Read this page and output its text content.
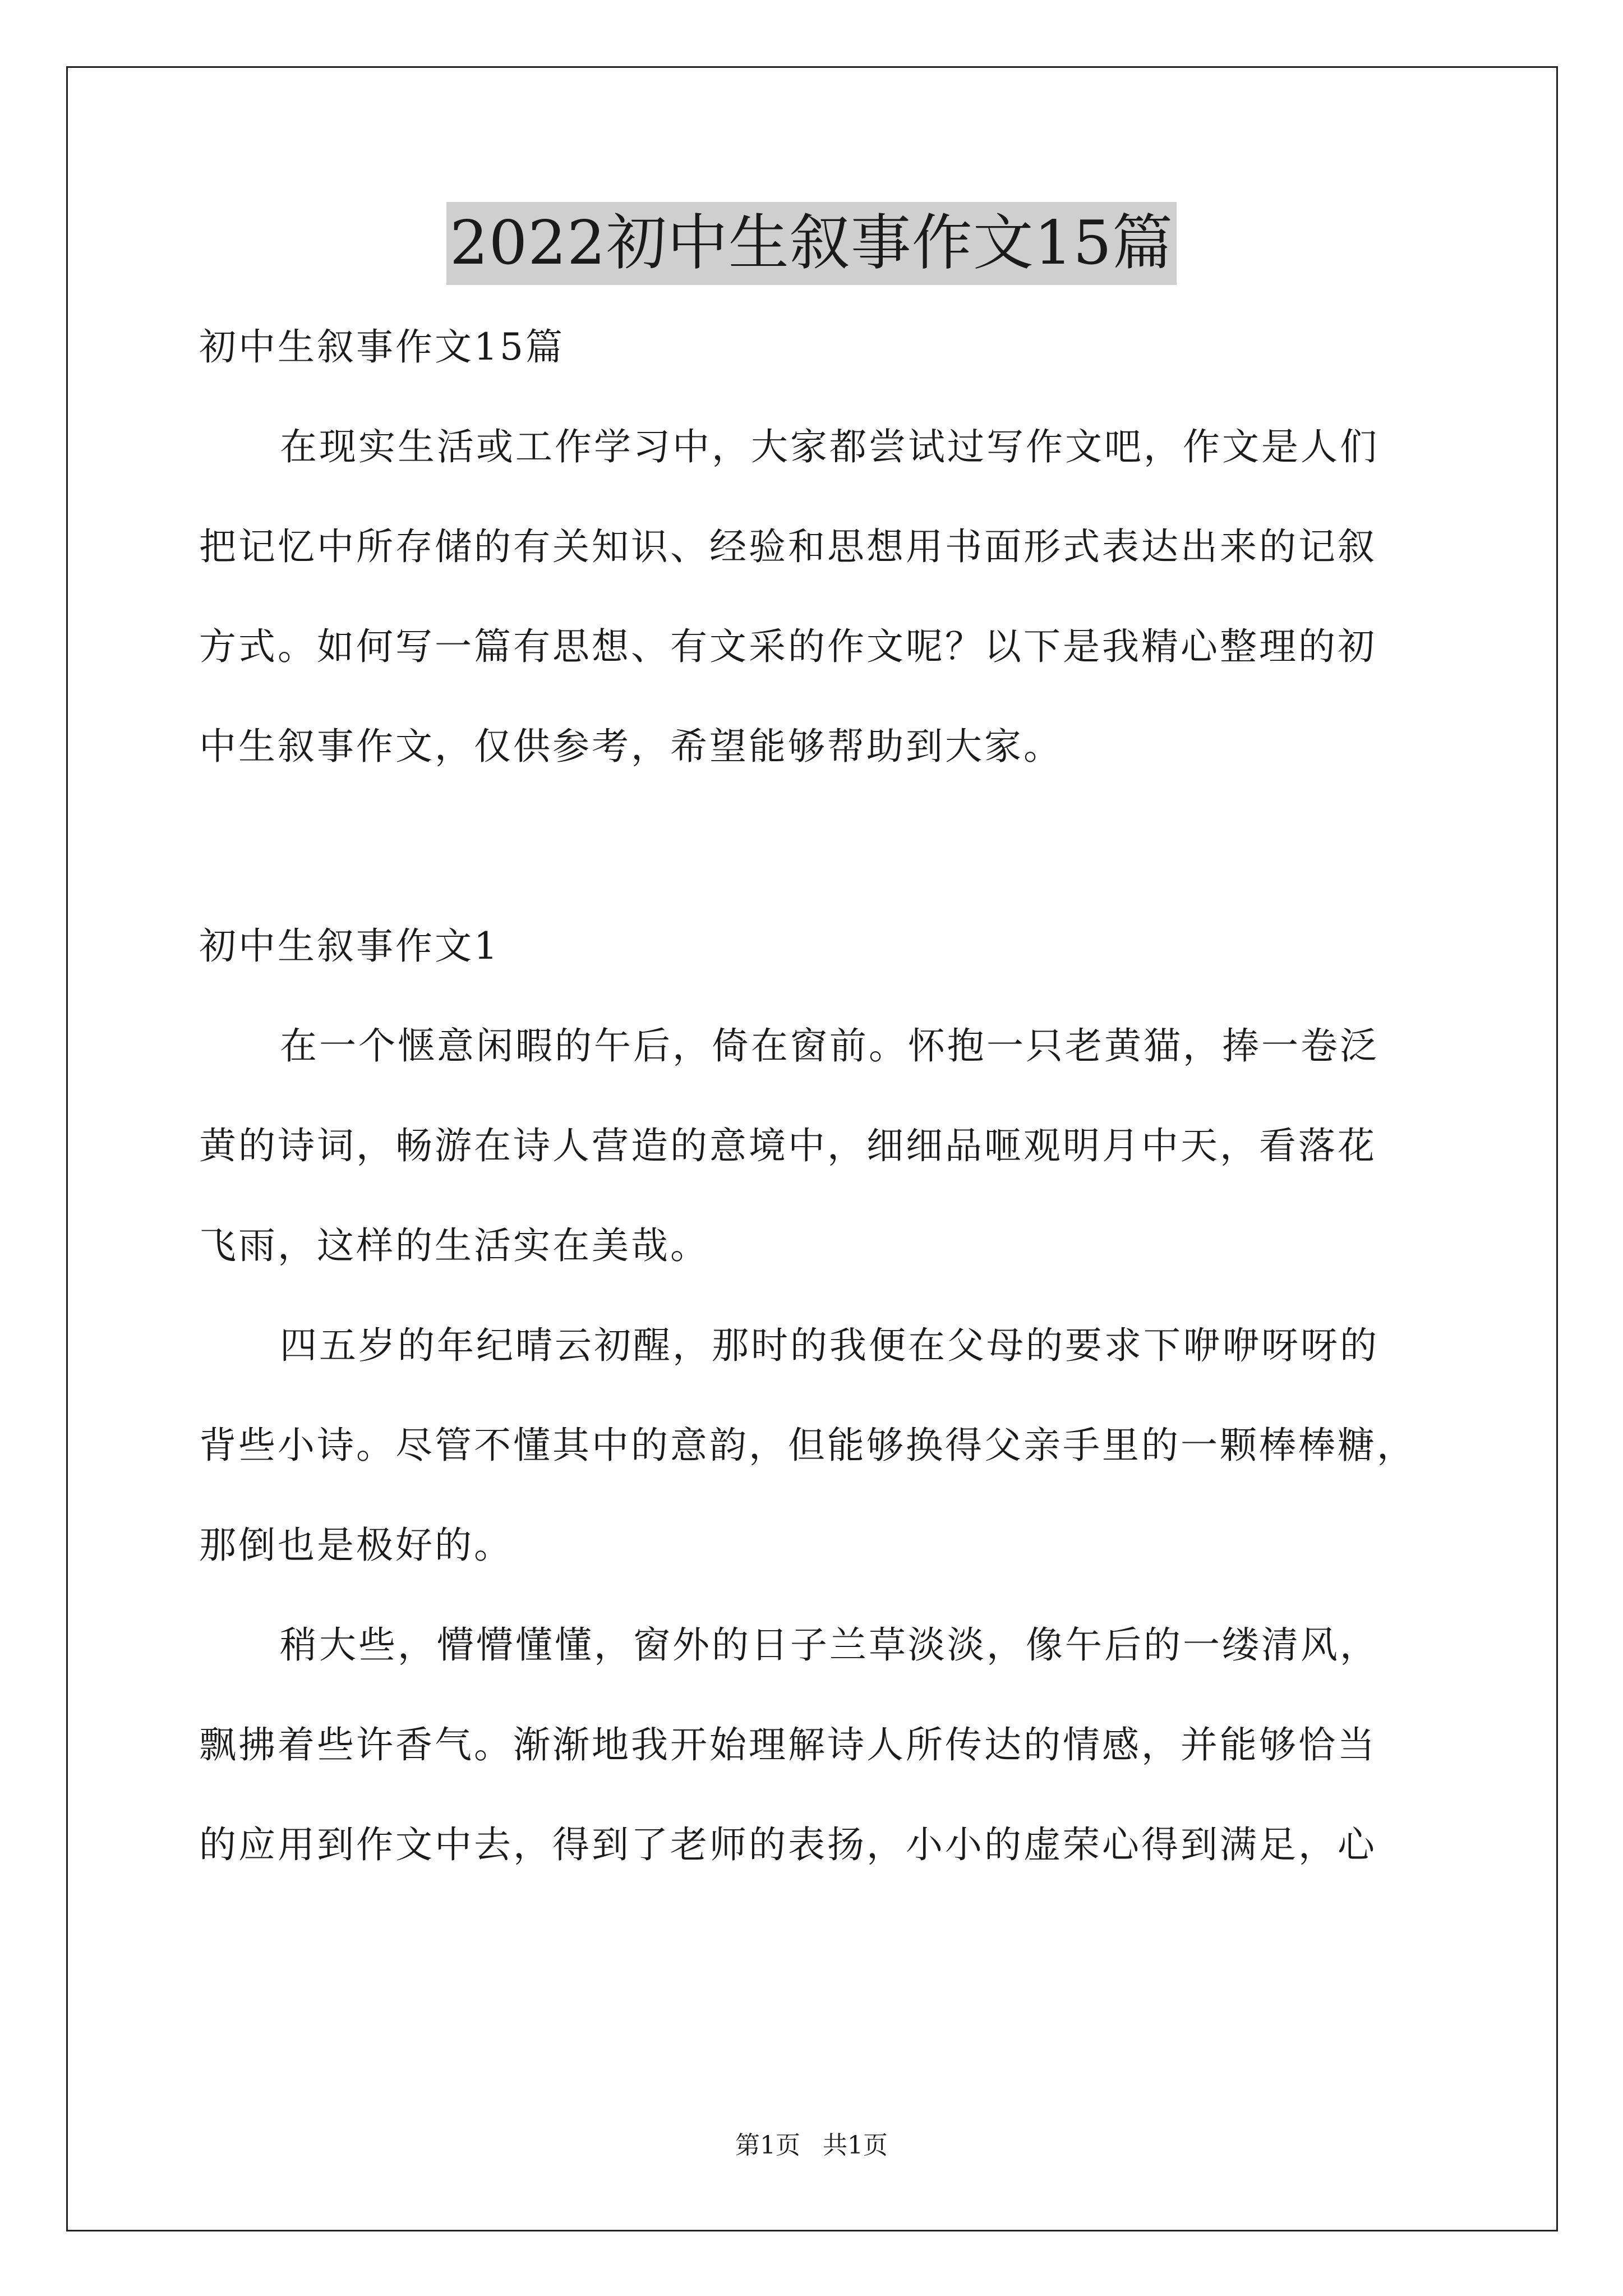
2022初中生叙事作文15篇
初中生叙事作文15篇
在现实生活或工作学习中，大家都尝试过写作文吧，作文是人们
把记忆中所存储的有关知识、经验和思想用书面形式表达出来的记叙
方式。如何写一篇有思想、有文采的作文呢？以下是我精心整理的初
中生叙事作文，仅供参考，希望能够帮助到大家。
初中生叙事作文1
在一个惬意闲暇的午后，倚在窗前。怀抱一只老黄猫，捧一卷泛
黄的诗词，畅游在诗人营造的意境中，细细品咂观明月中天，看落花
飞雨，这样的生活实在美哉。
四五岁的年纪晴云初醒，那时的我便在父母的要求下咿咿呀呀的
背些小诗。尽管不懂其中的意韵，但能够换得父亲手里的一颗棒棒糖，
那倒也是极好的。
稍大些，懵懵懂懂，窗外的日子兰草淡淡，像午后的一缕清风，
飘拂着些许香气。渐渐地我开始理解诗人所传达的情感，并能够恰当
的应用到作文中去，得到了老师的表扬，小小的虚荣心得到满足，心
第1页 共1页
